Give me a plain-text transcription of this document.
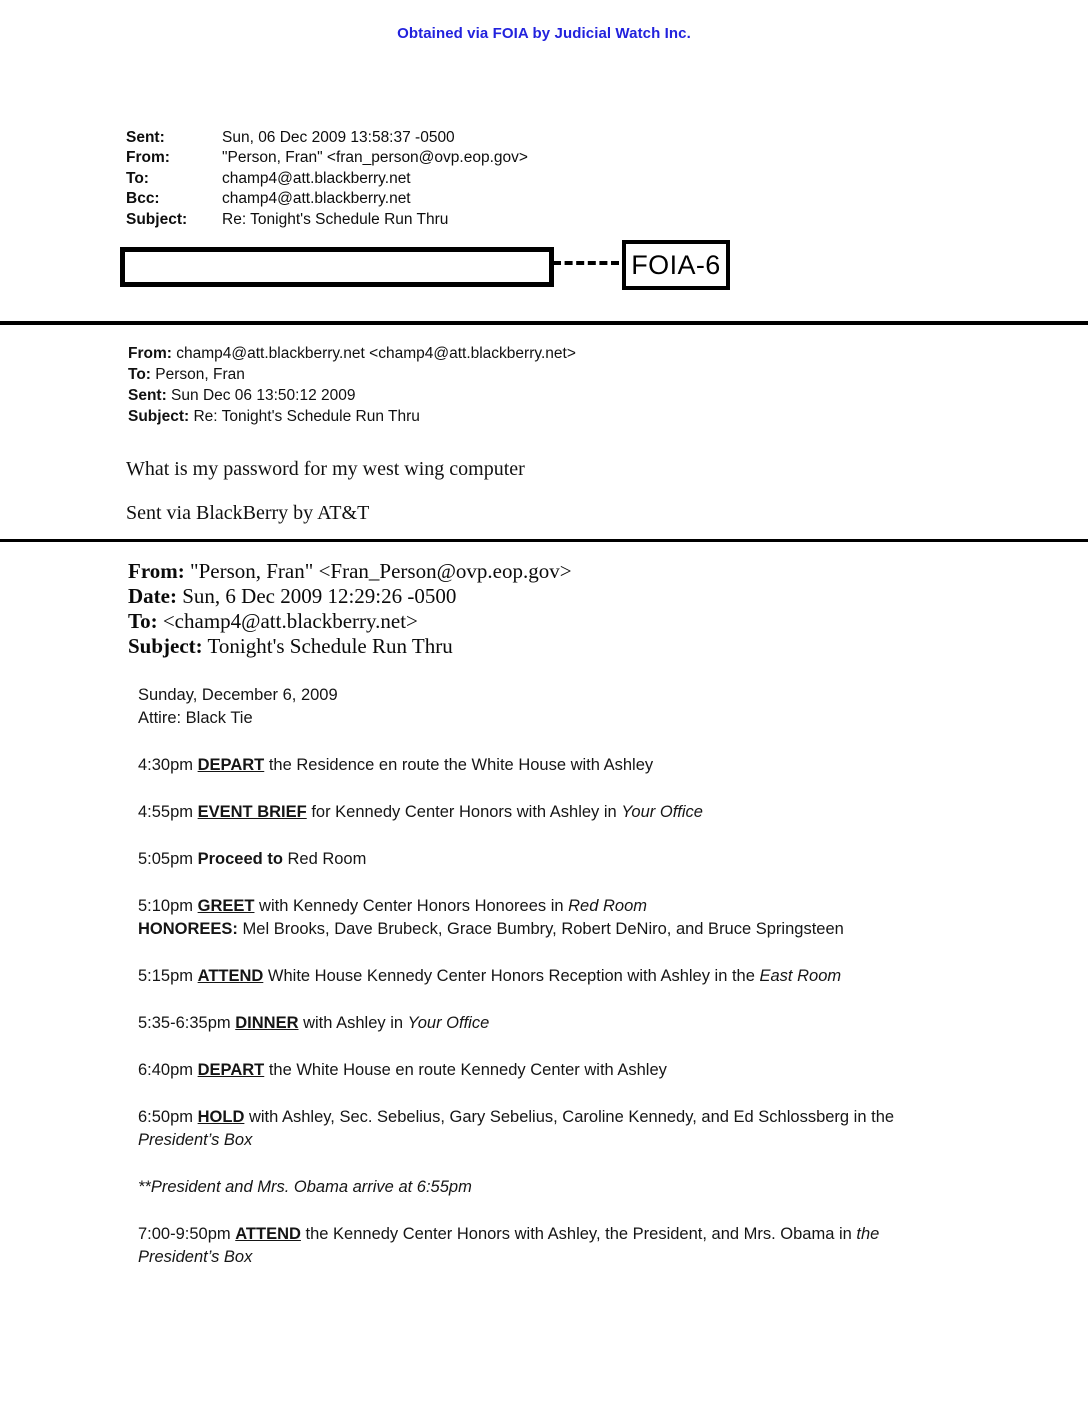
Obtained via FOIA by Judicial Watch Inc.
Sent:	Sun, 06 Dec 2009 13:58:37 -0500
From:	"Person, Fran" <fran_person@ovp.eop.gov>
To:	champ4@att.blackberry.net
Bcc:	champ4@att.blackberry.net
Subject:	Re: Tonight's Schedule Run Thru
FOIA-6
From: champ4@att.blackberry.net <champ4@att.blackberry.net>
To: Person, Fran
Sent: Sun Dec 06 13:50:12 2009
Subject: Re: Tonight's Schedule Run Thru
What is my password for my west wing computer
Sent via BlackBerry by AT&T
From: "Person, Fran" <Fran_Person@ovp.eop.gov>
Date: Sun, 6 Dec 2009 12:29:26 -0500
To: <champ4@att.blackberry.net>
Subject: Tonight's Schedule Run Thru
Sunday, December 6, 2009
Attire: Black Tie
4:30pm DEPART the Residence en route the White House with Ashley
4:55pm EVENT BRIEF for Kennedy Center Honors with Ashley in Your Office
5:05pm Proceed to Red Room
5:10pm GREET with Kennedy Center Honors Honorees in Red Room
HONOREES: Mel Brooks, Dave Brubeck, Grace Bumbry, Robert DeNiro, and Bruce Springsteen
5:15pm ATTEND White House Kennedy Center Honors Reception with Ashley in the East Room
5:35-6:35pm DINNER with Ashley in Your Office
6:40pm DEPART the White House en route Kennedy Center with Ashley
6:50pm HOLD with Ashley, Sec. Sebelius, Gary Sebelius, Caroline Kennedy, and Ed Schlossberg in the President’s Box
**President and Mrs. Obama arrive at 6:55pm
7:00-9:50pm ATTEND the Kennedy Center Honors with Ashley, the President, and Mrs. Obama in the President’s Box
